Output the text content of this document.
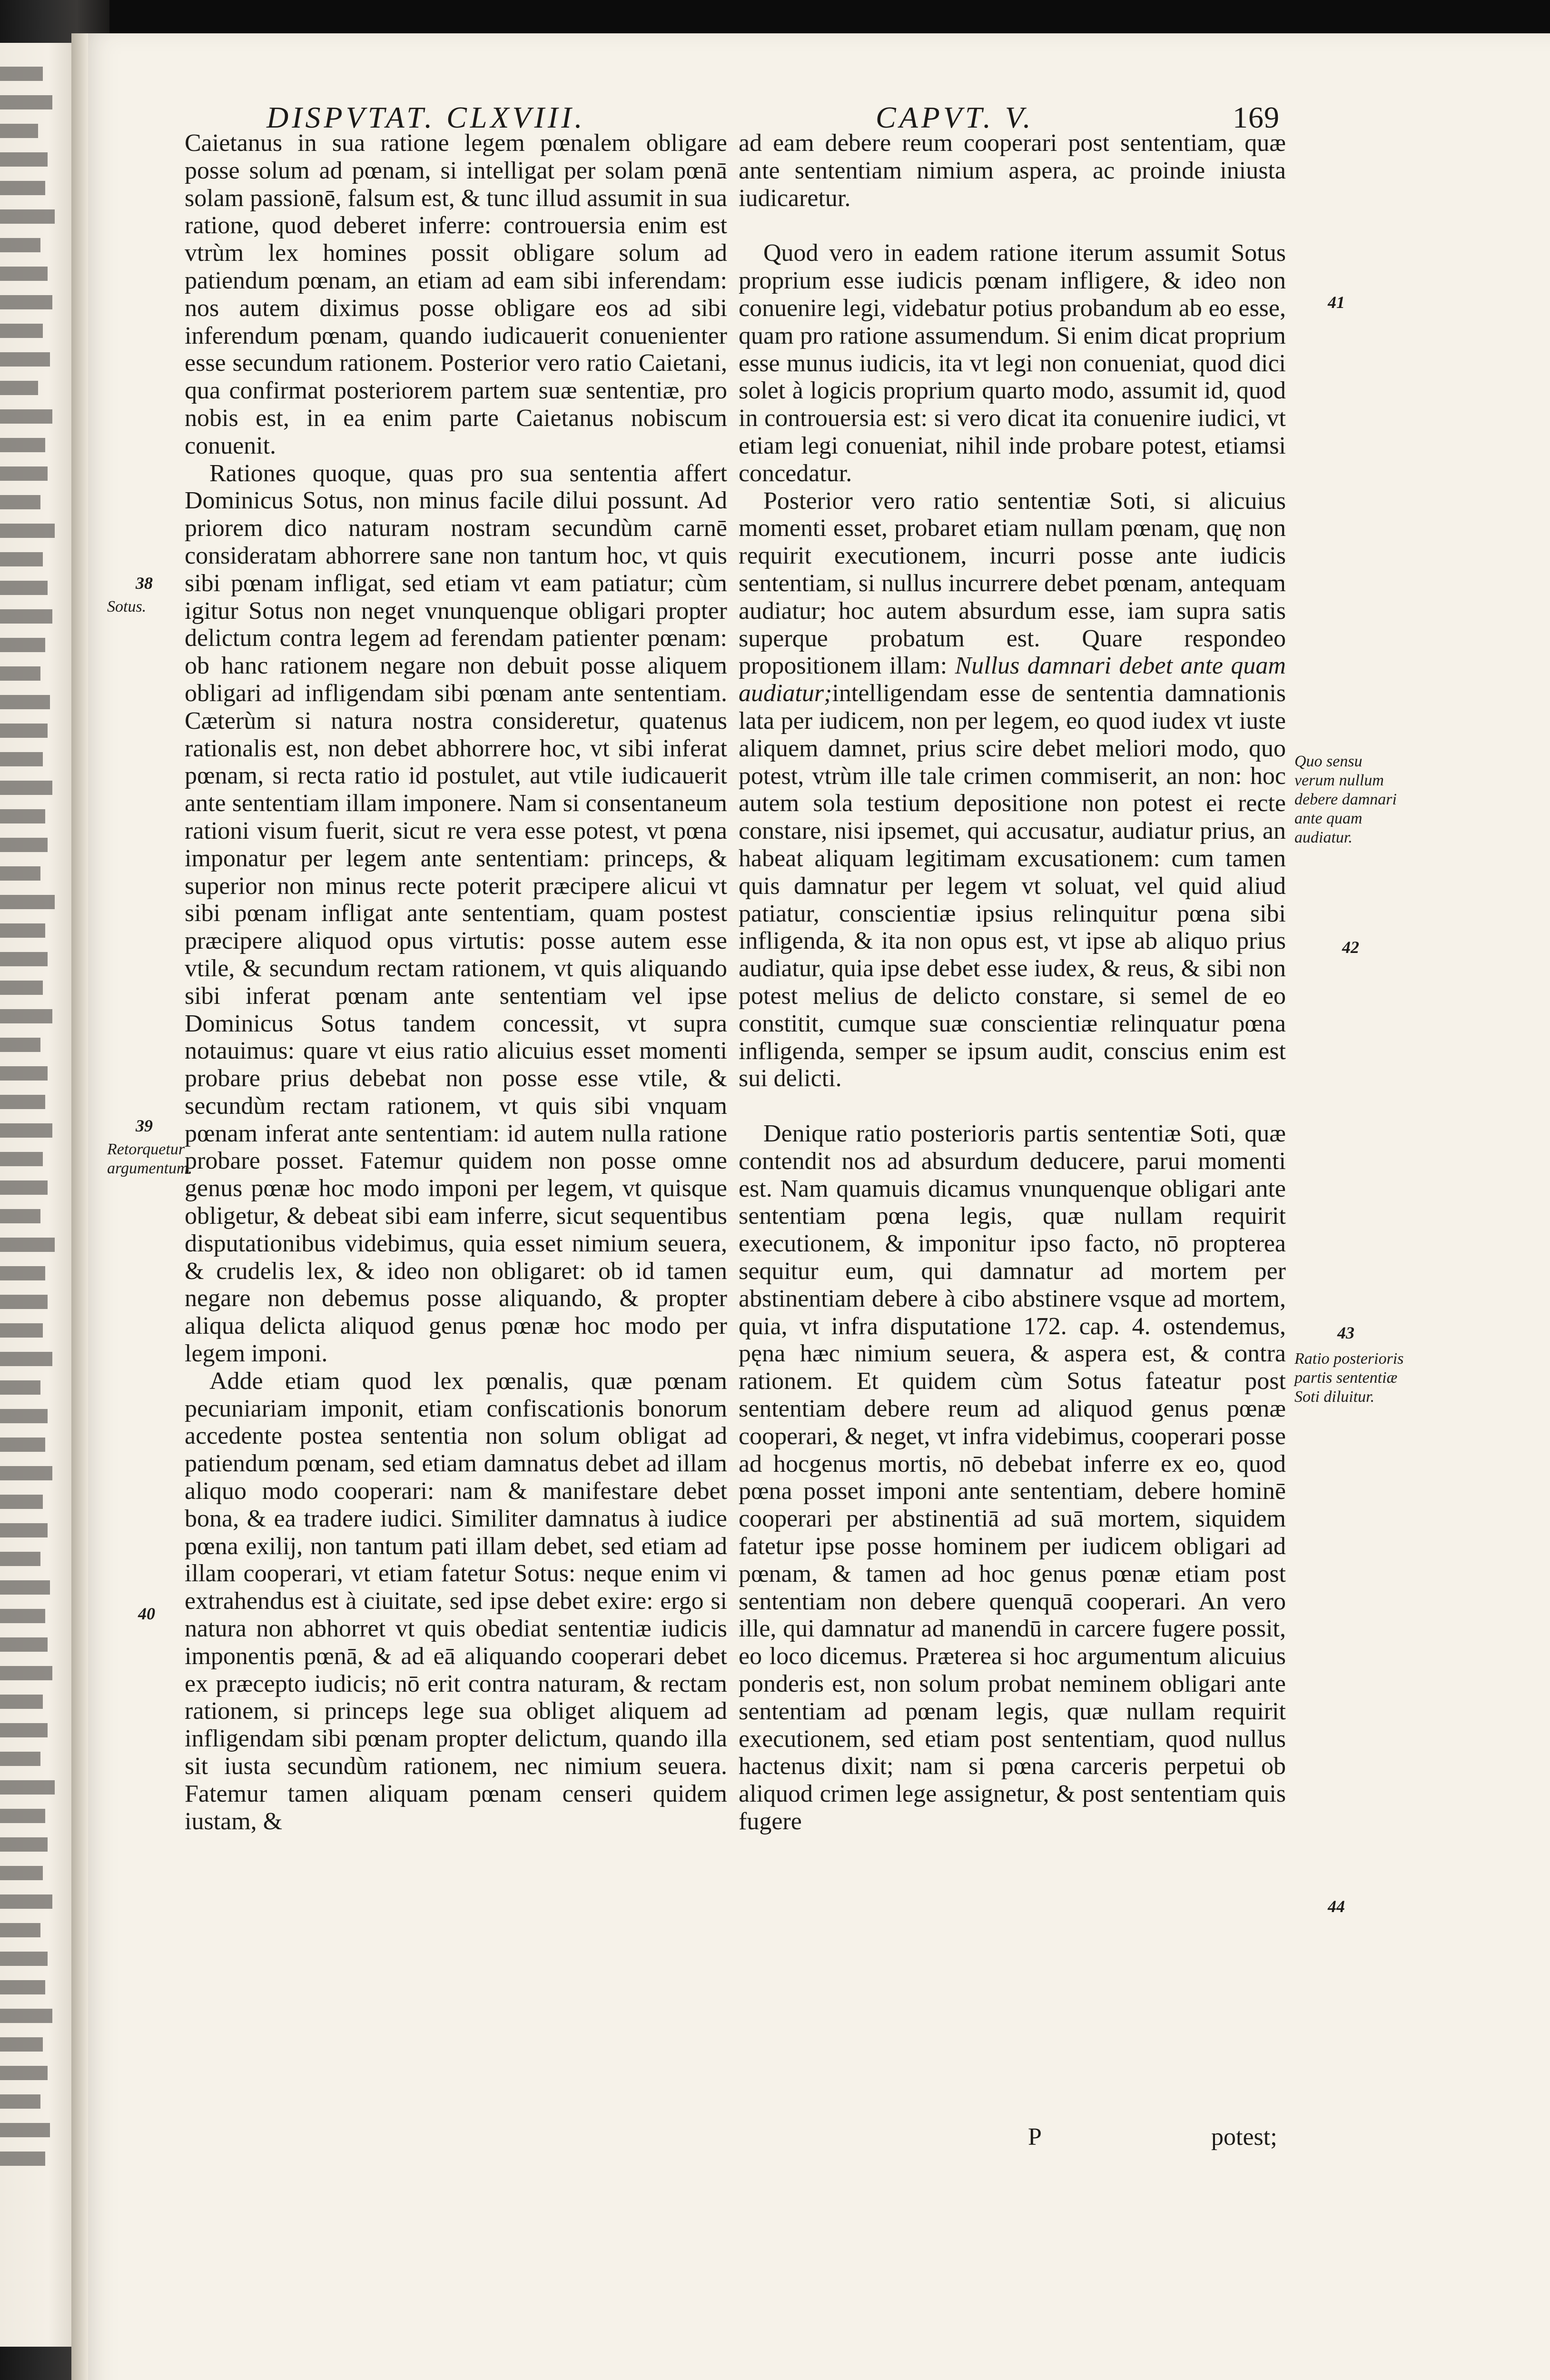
DISPVTAT. CLXVIII.	CAPVT. V.	169

Caietanus in sua ratione legem pœnalem obligare posse solum ad pœnam, si intelligat per solam pœnā solam passionē, falsum est, & tunc illud assumit in sua ratione, quod deberet inferre: controuersia enim est vtrùm lex homines possit obligare solum ad patiendum pœnam, an etiam ad eam sibi inferendam: nos autem diximus posse obligare eos ad sibi inferendum pœnam, quando iudicauerit conuenienter esse secundum rationem. Posterior vero ratio Caietani, qua confirmat posteriorem partem suæ sententiæ, pro nobis est, in ea enim parte Caietanus nobiscum conuenit.

Rationes quoque, quas pro sua sententia affert Dominicus Sotus, non minus facile dilui possunt. Ad priorem dico naturam nostram secundùm carnē consideratam abhorrere sane non tantum hoc, vt quis sibi pœnam infligat, sed etiam vt eam patiatur; cùm igitur Sotus non neget vnunquenque obligari propter delictum contra legem ad ferendam patienter pœnam: ob hanc rationem negare non debuit posse aliquem obligari ad infligendam sibi pœnam ante sententiam. Cæterùm si natura nostra consideretur, quatenus rationalis est, non debet abhorrere hoc, vt sibi inferat pœnam, si recta ratio id postulet, aut vtile iudicauerit ante sententiam illam imponere. Nam si consentaneum rationi visum fuerit, sicut re vera esse potest, vt pœna imponatur per legem ante sententiam: princeps, & superior non minus recte poterit præcipere alicui vt sibi pœnam infligat ante sententiam, quam postest præcipere aliquod opus virtutis: posse autem esse vtile, & secundum rectam rationem, vt quis aliquando sibi inferat pœnam ante sententiam vel ipse Dominicus Sotus tandem concessit, vt supra notauimus: quare vt eius ratio alicuius esset momenti probare prius debebat non posse esse vtile, & secundùm rectam rationem, vt quis sibi vnquam pœnam inferat ante sententiam: id autem nulla ratione probare posset. Fatemur quidem non posse omne genus pœnæ hoc modo imponi per legem, vt quisque obligetur, & debeat sibi eam inferre, sicut sequentibus disputationibus videbimus, quia esset nimium seuera, & crudelis lex, & ideo non obligaret: ob id tamen negare non debemus posse aliquando, & propter aliqua delicta aliquod genus pœnæ hoc modo per legem imponi.

Adde etiam quod lex pœnalis, quæ pœnam pecuniariam imponit, etiam confiscationis bonorum accedente postea sententia non solum obligat ad patiendum pœnam, sed etiam damnatus debet ad illam aliquo modo cooperari: nam & manifestare debet bona, & ea tradere iudici. Similiter damnatus à iudice pœna exilij, non tantum pati illam debet, sed etiam ad illam cooperari, vt etiam fatetur Sotus: neque enim vi extrahendus est à ciuitate, sed ipse debet exire: ergo si natura non abhorret vt quis obediat sententiæ iudicis imponentis pœnā, & ad eā aliquando cooperari debet ex præcepto iudicis; nō erit contra naturam, & rectam rationem, si princeps lege sua obliget aliquem ad infligendam sibi pœnam propter delictum, quando illa sit iusta secundùm rationem, nec nimium seuera. Fatemur tamen aliquam pœnam censeri quidem iustam, &

ad eam debere reum cooperari post sententiam, quæ ante sententiam nimium aspera, ac proinde iniusta iudicaretur.

Quod vero in eadem ratione iterum assumit Sotus proprium esse iudicis pœnam infligere, & ideo non conuenire legi, videbatur potius probandum ab eo esse, quam pro ratione assumendum. Si enim dicat proprium esse munus iudicis, ita vt legi non conueniat, quod dici solet à logicis proprium quarto modo, assumit id, quod in controuersia est: si vero dicat ita conuenire iudici, vt etiam legi conueniat, nihil inde probare potest, etiamsi concedatur.

Posterior vero ratio sententiæ Soti, si alicuius momenti esset, probaret etiam nullam pœnam, quę non requirit executionem, incurri posse ante iudicis sententiam, si nullus incurrere debet pœnam, antequam audiatur; hoc autem absurdum esse, iam supra satis superque probatum est. Quare respondeo propositionem illam: Nullus damnari debet ante quam audiatur;intelligendam esse de sententia damnationis lata per iudicem, non per legem, eo quod iudex vt iuste aliquem damnet, prius scire debet meliori modo, quo potest, vtrùm ille tale crimen commiserit, an non: hoc autem sola testium depositione non potest ei recte constare, nisi ipsemet, qui accusatur, audiatur prius, an habeat aliquam legitimam excusationem: cum tamen quis damnatur per legem vt soluat, vel quid aliud patiatur, conscientiæ ipsius relinquitur pœna sibi infligenda, & ita non opus est, vt ipse ab aliquo prius audiatur, quia ipse debet esse iudex, & reus, & sibi non potest melius de delicto constare, si semel de eo constitit, cumque suæ conscientiæ relinquatur pœna infligenda, semper se ipsum audit, conscius enim est sui delicti.

Denique ratio posterioris partis sententiæ Soti, quæ contendit nos ad absurdum deducere, parui momenti est. Nam quamuis dicamus vnunquenque obligari ante sententiam pœna legis, quæ nullam requirit executionem, & imponitur ipso facto, nō propterea sequitur eum, qui damnatur ad mortem per abstinentiam debere à cibo abstinere vsque ad mortem, quia, vt infra disputatione 172. cap. 4. ostendemus, pęna hæc nimium seuera, & aspera est, & contra rationem. Et quidem cùm Sotus fateatur post sententiam debere reum ad aliquod genus pœnæ cooperari, & neget, vt infra videbimus, cooperari posse ad hocgenus mortis, nō debebat inferre ex eo, quod pœna posset imponi ante sententiam, debere hominē cooperari per abstinentiā ad suā mortem, siquidem fatetur ipse posse hominem per iudicem obligari ad pœnam, & tamen ad hoc genus pœnæ etiam post sententiam non debere quenquā cooperari. An vero ille, qui damnatur ad manendū in carcere fugere possit, eo loco dicemus. Præterea si hoc argumentum alicuius ponderis est, non solum probat neminem obligari ante sententiam ad pœnam legis, quæ nullam requirit executionem, sed etiam post sententiam, quod nullus hactenus dixit; nam si pœna carceris perpetui ob aliquod crimen lege assignetur, & post sententiam quis fugere

38
Sotus.
39
Retorquetur argumentum.
40
41
Quo sensu verum nullum debere damnari ante quam audiatur.
42
43
Ratio posterioris partis sententiæ Soti diluitur.
44
P	potest;
